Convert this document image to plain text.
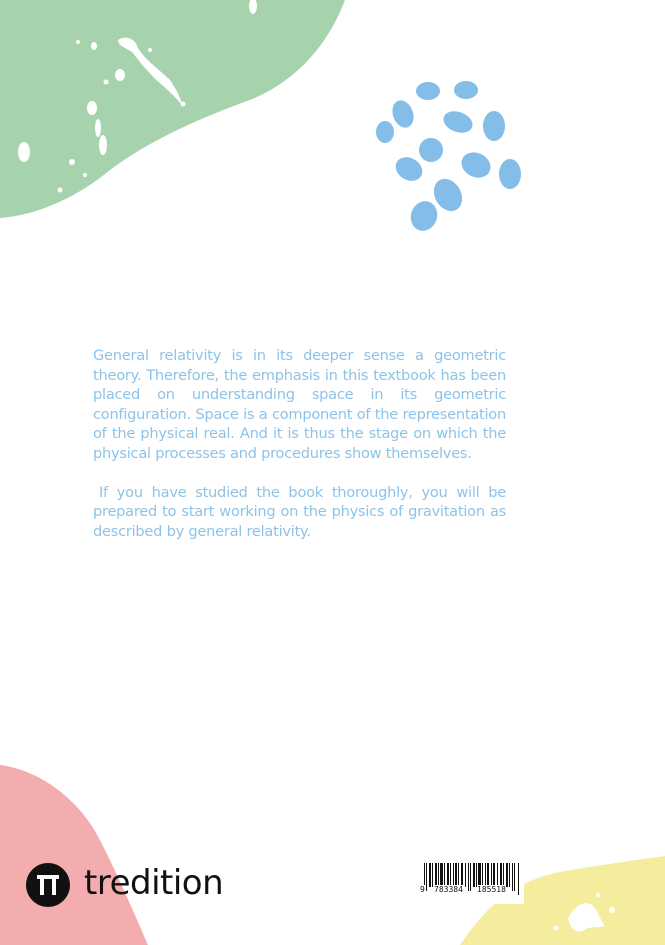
General relativity is in its deeper sense a geometric theory. Therefore, the emphasis in this textbook has been placed on understanding space in its geometric configuration. Space is a component of the representation of the physical real. And it is thus the stage on which the physical processes and procedures show themselves.

If you have studied the book thoroughly, you will be prepared to start working on the physics of gravitation as described by general relativity.

tredition	9 783384 185518
